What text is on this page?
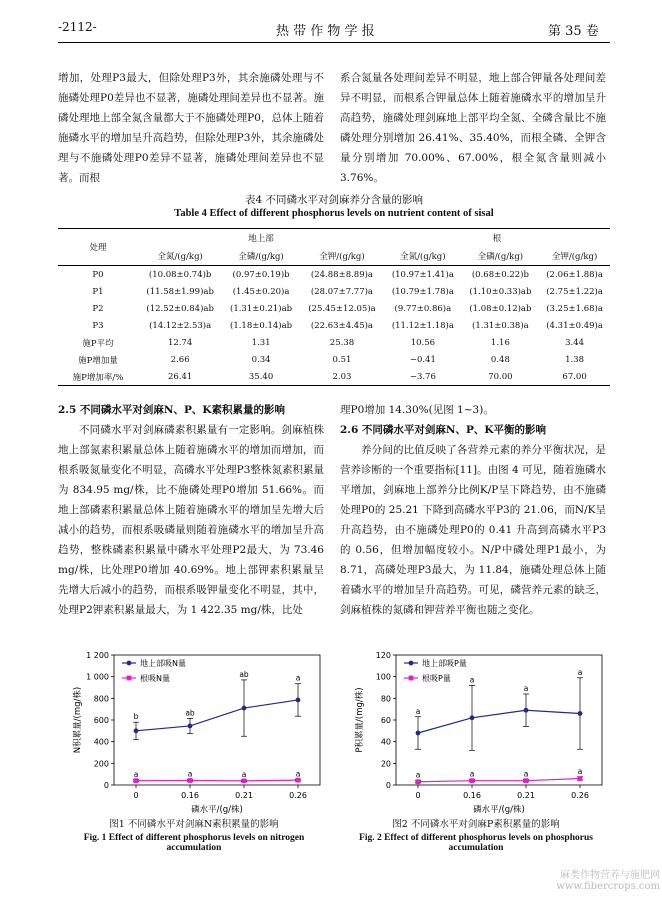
-2112-	热 带 作 物 学 报	第 35 卷

增加，处理P3最大，但除处理P3外，其余施磷处理与不施磷处理P0差异也不显著，施磷处理间差异也不显著。施磷处理地上部全氮含量都大于不施磷处理P0，总体上随着施磷水平的增加呈升高趋势，但除处理P3外，其余施磷处理与不施磷处理P0差异不显著，施磷处理间差异也不显著。而根

系合氮量各处理间差异不明显，地上部合钾量各处理间差异不明显，而根系合钾量总体上随着施磷水平的增加呈升高趋势，施磷处理剑麻地上部平均全氮、全磷含量比不施磷处理分别增加 26.41%、35.40%，而根全磷、全钾含量分别增加 70.00%、67.00%，根全氮含量则减小 3.76%。

表4 不同磷水平对剑麻养分含量的影响
Table 4 Effect of different phosphorus levels on nutrient content of sisal
处理	地上部			根		
	全氮/(g/kg)	全磷/(g/kg)	全钾/(g/kg)	全氮/(g/kg)	全磷/(g/kg)	全钾/(g/kg)
P0	(10.08±0.74)b	(0.97±0.19)b	(24.88±8.89)a	(10.97±1.41)a	(0.68±0.22)b	(2.06±1.88)a
P1	(11.58±1.99)ab	(1.45±0.20)a	(28.07±7.77)a	(10.79±1.78)a	(1.10±0.33)ab	(2.75±1.22)a
P2	(12.52±0.84)ab	(1.31±0.21)ab	(25.45±12.05)a	(9.77±0.86)a	(1.08±0.12)ab	(3.25±1.68)a
P3	(14.12±2.53)a	(1.18±0.14)ab	(22.63±4.45)a	(11.12±1.18)a	(1.31±0.38)a	(4.31±0.49)a
施P平均	12.74	1.31	25.38	10.56	1.16	3.44
施P增加量	2.66	0.34	0.51	−0.41	0.48	1.38
施P增加率/%	26.41	35.40	2.03	−3.76	70.00	67.00

2.5 不同磷水平对剑麻N、P、K素积累量的影响

不同磷水平对剑麻磷素积累量有一定影响。剑麻植株地上部氮素积累量总体上随着施磷水平的增加而增加，而根系吸氮量变化不明显，高磷水平处理P3整株氮素积累量为 834.95 mg/株，比不施磷处理P0增加 51.66%。而地上部磷素积累量总体上随着施磷水平的增加呈先增大后减小的趋势，而根系吸磷量则随着施磷水平的增加呈升高趋势，整株磷素积累量中磷水平处理P2最大，为 73.46 mg/株，比处理P0增加 40.69%。地上部钾素积累量呈先增大后减小的趋势，而根系吸钾量变化不明显，其中，处理P2钾素积累量最大，为 1 422.35 mg/株，比处

理P0增加 14.30%(见图 1~3)。

2.6 不同磷水平对剑麻N、P、K平衡的影响

养分间的比值反映了各营养元素的养分平衡状况，是营养诊断的一个重要指标[11]。由图 4 可见，随着施磷水平增加，剑麻地上部养分比例K/P呈下降趋势，由不施磷处理P0的 25.21 下降到高磷水平P3的 21.06，而N/K呈升高趋势，由不施磷处理P0的 0.41 升高到高磷水平P3的 0.56，但增加幅度较小。N/P中磷处理P1最小，为 8.71，高磷处理P3最大，为 11.84，施磷处理总体上随着磷水平的增加呈升高趋势。可见，磷营养元素的缺乏，剑麻植株的氮磷和钾营养平衡也随之变化。

0
200
400
600
800
1 000
1 200
0	0.16	0.21	0.26
磷水平/(g/株)
N积累量/(mg/株)	b	ab
ab	a
地上部吸N量
a	a	a	a
根吸N量
0
20
40
60
80
100
120
0	0.16	0.21	0.26
磷水平/(g/株)
P积累量/(mg/株)	a
a
a
a
地上部吸P量
a	a	a	a
根吸P量
图1 不同磷水平对剑麻N素积累量的影响
Fig. 1 Effect of different phosphorus levels on nitrogen accumulation
图2 不同磷水平对剑麻P素积累量的影响
Fig. 2 Effect of different phosphorus levels on phosphorus accumulation
麻类作物营养与施肥网 www.fibercrops.com
